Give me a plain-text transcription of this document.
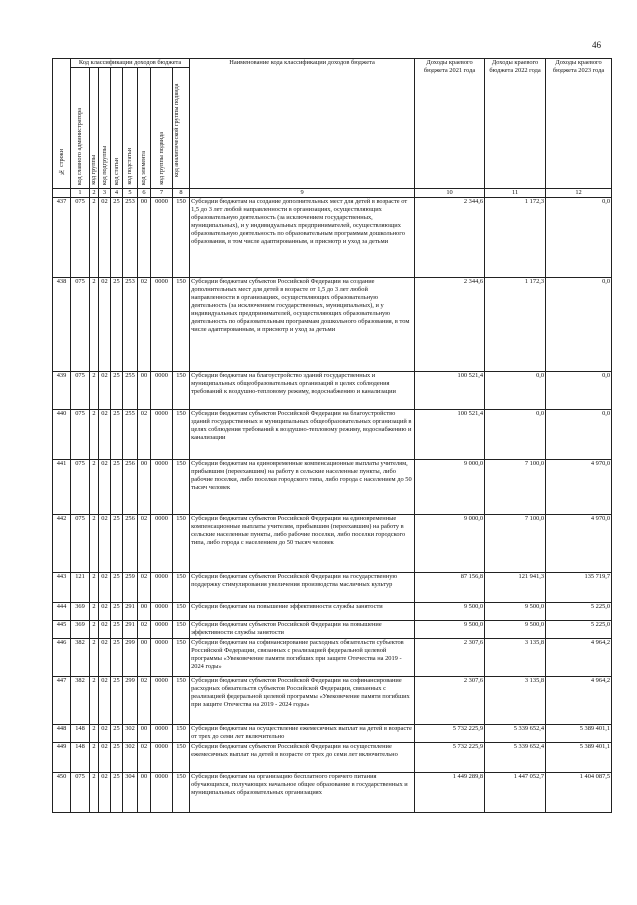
46
№ строки	Код классификации доходов бюджета								Наименование кода классификации доходов бюджета	Доходы краевого бюджета 2021 года	Доходы краевого бюджета 2022 года	Доходы краевого бюджета 2023 года

	код главного администратора	код группы	код подгруппы	код статьи	код подстатьи	код элемента	код группы подвида	код аналитической группы подвида				

	1	2	3	4	5	6	7	8	9	10	11	12
437	075	2	02	25	253	00	0000	150	Субсидии бюджетам на создание дополнительных мест для детей в возрасте от 1,5 до 3 лет любой направленности в организациях, осуществляющих образовательную деятельность (за исключением государственных, муниципальных), и у индивидуальных предпринимателей, осуществляющих образовательную деятельность по образовательным программам дошкольного образования, в том числе адаптированным, и присмотр и уход за детьми	2 344,6	1 172,3	0,0
438	075	2	02	25	253	02	0000	150	Субсидии бюджетам субъектов Российской Федерации на создание дополнительных мест для детей в возрасте от 1,5 до 3 лет любой направленности в организациях, осуществляющих образовательную деятельность (за исключением государственных, муниципальных), и у индивидуальных предпринимателей, осуществляющих образовательную деятельность по образовательным программам дошкольного образования, в том числе адаптированным, и присмотр и уход за детьми	2 344,6	1 172,3	0,0
439	075	2	02	25	255	00	0000	150	Субсидии бюджетам на благоустройство зданий государственных и муниципальных общеобразовательных организаций в целях соблюдения требований к воздушно-тепловому режиму, водоснабжению и канализации	100 521,4	0,0	0,0
440	075	2	02	25	255	02	0000	150	Субсидии бюджетам субъектов Российской Федерации на благоустройство зданий государственных и муниципальных общеобразовательных организаций в целях соблюдения требований к воздушно-тепловому режиму, водоснабжению и канализации	100 521,4	0,0	0,0
441	075	2	02	25	256	00	0000	150	Субсидии бюджетам на единовременные компенсационные выплаты учителям, прибывшим (переехавшим) на работу в сельские населенные пункты, либо рабочие поселки, либо поселки городского типа, либо города с населением до 50 тысяч человек	9 000,0	7 100,0	4 970,0
442	075	2	02	25	256	02	0000	150	Субсидии бюджетам субъектов Российской Федерации на единовременные компенсационные выплаты учителям, прибывшим (переехавшим) на работу в сельские населенные пункты, либо рабочие поселки, либо поселки городского типа, либо города с населением до 50 тысяч человек	9 000,0	7 100,0	4 970,0
443	121	2	02	25	259	02	0000	150	Субсидии бюджетам субъектов Российской Федерации на государственную поддержку стимулирования увеличения производства масличных культур	87 156,8	121 941,3	135 719,7
444	369	2	02	25	291	00	0000	150	Субсидии бюджетам на повышение эффективности службы занятости	9 500,0	9 500,0	5 225,0
445	369	2	02	25	291	02	0000	150	Субсидии бюджетам субъектов Российской Федерации на повышение эффективности службы занятости	9 500,0	9 500,0	5 225,0
446	382	2	02	25	299	00	0000	150	Субсидии бюджетам на софинансирование расходных обязательств субъектов Российской Федерации, связанных с реализацией федеральной целевой программы «Увековечение памяти погибших при защите Отечества на 2019 - 2024 годы»	2 307,6	3 135,8	4 964,2
447	382	2	02	25	299	02	0000	150	Субсидии бюджетам субъектов Российской Федерации на софинансирование расходных обязательств субъектов Российской Федерации, связанных с реализацией федеральной целевой программы «Увековечение памяти погибших при защите Отечества на 2019 - 2024 годы»	2 307,6	3 135,8	4 964,2
448	148	2	02	25	302	00	0000	150	Субсидии бюджетам на осуществление ежемесячных выплат на детей в возрасте от трех до семи лет включительно	5 732 225,9	5 339 652,4	5 389 401,1
449	148	2	02	25	302	02	0000	150	Субсидии бюджетам субъектов Российской Федерации на осуществление ежемесячных выплат на детей в возрасте от трех до семи лет включительно	5 732 225,9	5 339 652,4	5 389 401,1
450	075	2	02	25	304	00	0000	150	Субсидии бюджетам на организацию бесплатного горячего питания обучающихся, получающих начальное общее образование в государственных и муниципальных образовательных организациях	1 449 289,8	1 447 052,7	1 404 087,5
